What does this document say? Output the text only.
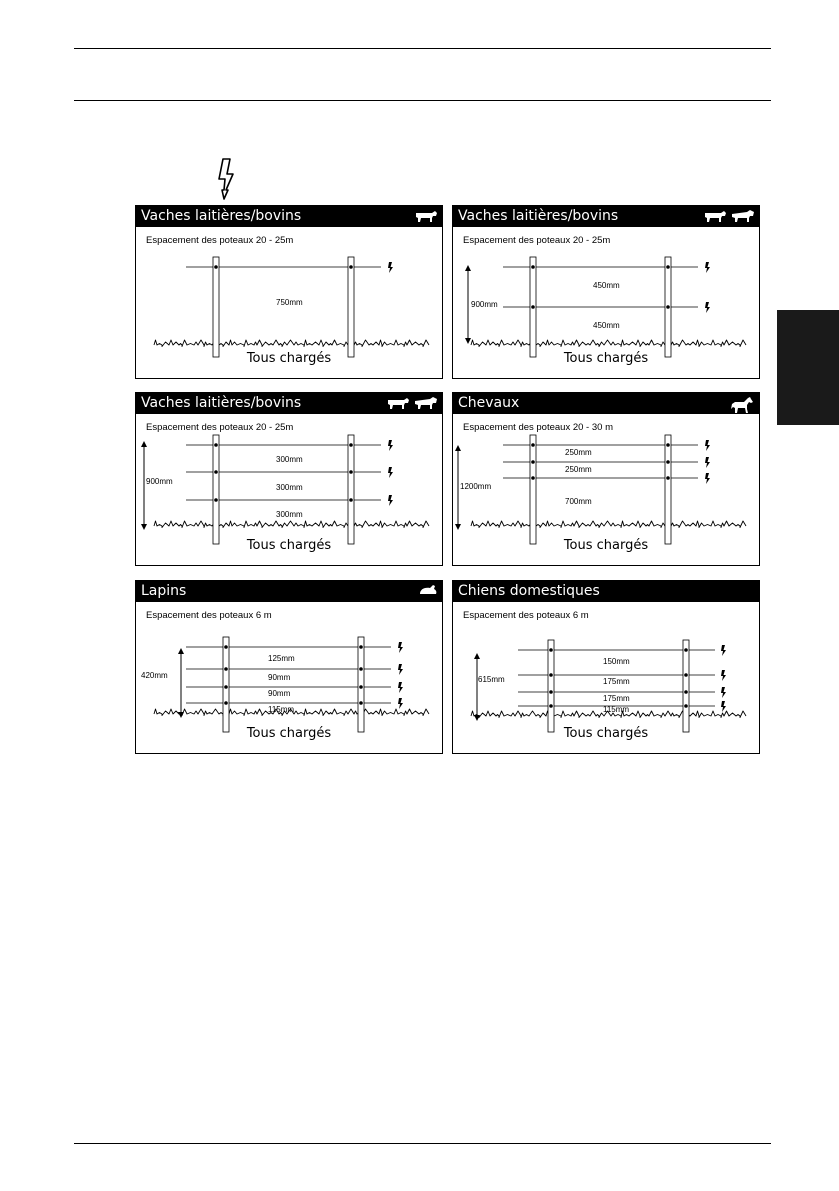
Vaches laitières/bovins
Espacement des poteaux 20 - 25m
750mm
Tous chargés
Vaches laitières/bovins
Espacement des poteaux 20 - 25m
450mm
450mm
900mm
Tous chargés
Vaches laitières/bovins
Espacement des poteaux 20 - 25m
300mm
300mm
300mm
900mm
Tous chargés
Chevaux
Espacement des poteaux 20 - 30 m
250mm
250mm
700mm
1200mm
Tous chargés
Lapins
Espacement des poteaux 6 m
125mm
90mm
90mm
115mm
420mm
Tous chargés
Chiens domestiques
Espacement des poteaux 6 m
150mm
175mm
175mm
115mm
615mm
Tous chargés
